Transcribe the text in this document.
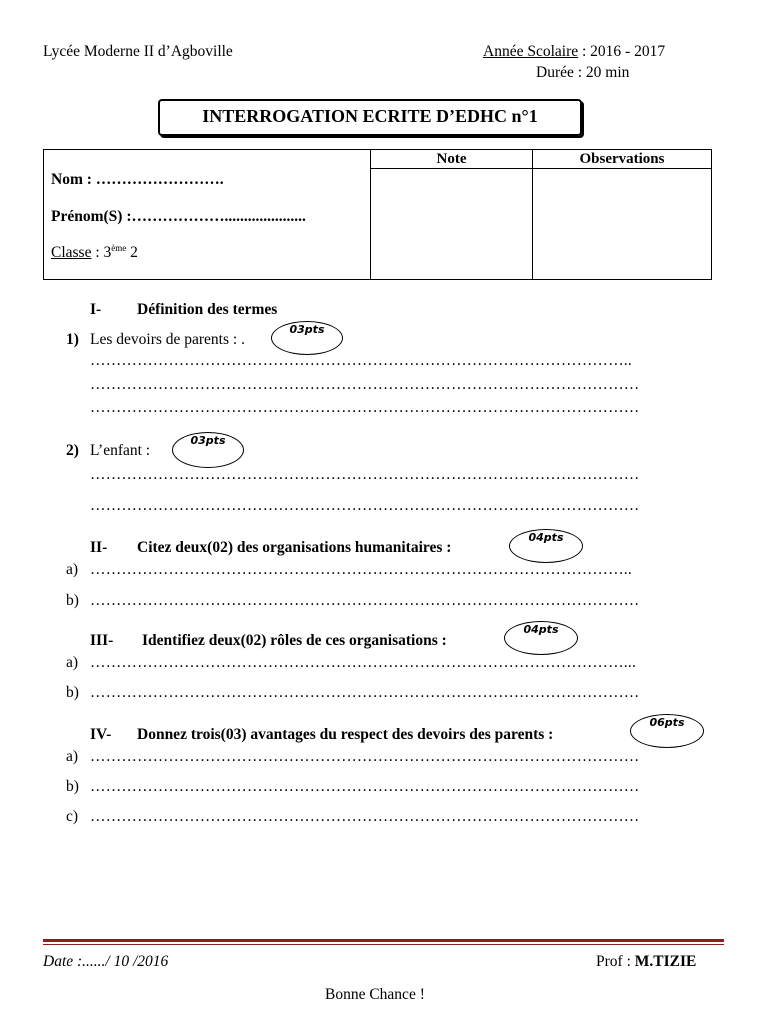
Lycée Moderne II d’Agboville	Année Scolaire : 2016 - 2017
Durée : 20 min
INTERROGATION ECRITE D’EDHC n°1
Nom : …………………….
Prénom(S) :……………….....................
Classe : 3ème 2	Note	Observations

I- Définition des termes
1) Les devoirs de parents : .
03pts
…………………………………………………………………………………………..
……………………………………………………………………………………………
……………………………………………………………………………………………
2) L’enfant :
03pts
……………………………………………………………………………………………
……………………………………………………………………………………………
II- Citez deux(02) des organisations humanitaires :
04pts
a) …………………………………………………………………………………………..
b) ……………………………………………………………………………………………
III- Identifiez deux(02) rôles de ces organisations :
04pts
a) …………………………………………………………………………………………...
b) ……………………………………………………………………………………………
IV- Donnez trois(03) avantages du respect des devoirs des parents :
06pts
a) ……………………………………………………………………………………………
b) ……………………………………………………………………………………………
c) ……………………………………………………………………………………………
Date :....../ 10 /2016	Prof : M.TIZIE
Bonne Chance !
